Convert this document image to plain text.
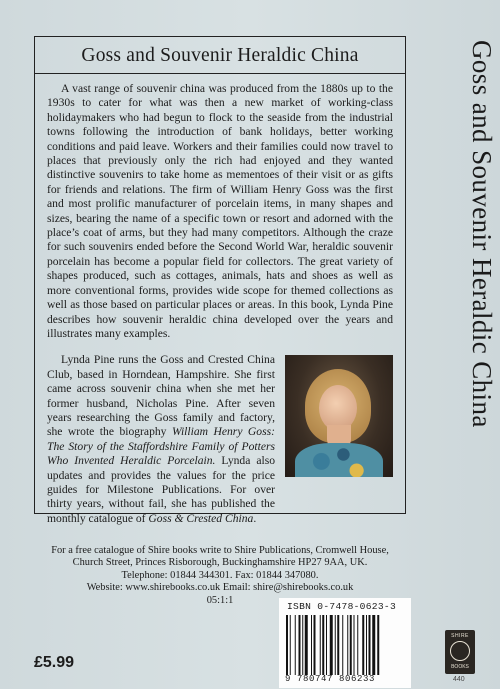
Goss and Souvenir Heraldic China

A vast range of souvenir china was produced from the 1880s up to the 1930s to cater for what was then a new market of working-class holidaymakers who had begun to flock to the seaside from the industrial towns following the introduction of bank holidays, better working conditions and paid leave. Workers and their families could now travel to places that previously only the rich had enjoyed and they wanted distinctive souvenirs to take home as mementoes of their visit or as gifts for friends and relations. The firm of William Henry Goss was the first and most prolific manufacturer of porcelain items, in many shapes and sizes, bearing the name of a specific town or resort and adorned with the place’s coat of arms, but they had many competitors. Although the craze for such souvenirs ended before the Second World War, heraldic souvenir porcelain has become a popular field for collectors. The great variety of shapes produced, such as cottages, animals, hats and shoes as well as more conventional forms, provides wide scope for themed collections as well as those based on particular places or areas. In this book, Lynda Pine describes how souvenir heraldic china developed over the years and illustrates many examples.

Lynda Pine runs the Goss and Crested China Club, based in Horndean, Hampshire. She first came across souvenir china when she met her former husband, Nicholas Pine. After seven years researching the Goss family and factory, she wrote the biography William Henry Goss: The Story of the Staffordshire Family of Potters Who Invented Heraldic Porcelain. Lynda also updates and provides the values for the price guides for Milestone Publications. For over thirty years, without fail, she has published the monthly catalogue of Goss & Crested China.

Goss and Souvenir Heraldic China

For a free catalogue of Shire books write to Shire Publications, Cromwell House,

Church Street, Princes Risborough, Buckinghamshire HP27 9AA, UK.

Telephone: 01844 344301. Fax: 01844 347080.

Website: www.shirebooks.co.uk Email: shire@shirebooks.co.uk

05:1:1

£5.99
ISBN 0-7478-0623-3
9 780747 806233
SHIRE
BOOKS
440
